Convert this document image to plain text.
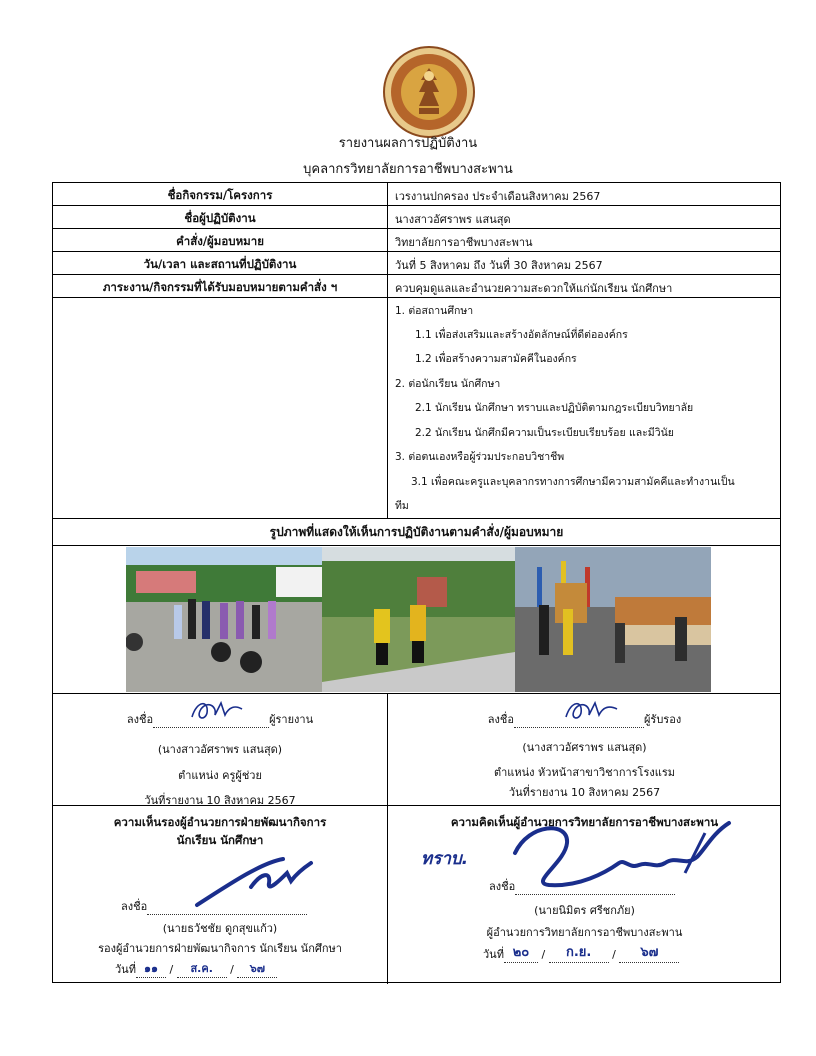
รายงานผลการปฏิบัติงาน
บุคลากรวิทยาลัยการอาชีพบางสะพาน
ชื่อกิจกรรม/โครงการ	เวรงานปกครอง ประจำเดือนสิงหาคม 2567
ชื่อผู้ปฏิบัติงาน	นางสาวอัศราพร แสนสุด
คำสั่ง/ผู้มอบหมาย	วิทยาลัยการอาชีพบางสะพาน
วัน/เวลา และสถานที่ปฏิบัติงาน	วันที่ 5 สิงหาคม ถึง วันที่ 30 สิงหาคม 2567
ภาระงาน/กิจกรรมที่ได้รับมอบหมายตามคำสั่ง ฯ	ควบคุมดูแลและอำนวยความสะดวกให้แก่นักเรียน นักศึกษา
1. ต่อสถานศึกษา
1.1 เพื่อส่งเสริมและสร้างอัตลักษณ์ที่ดีต่อองค์กร
1.2 เพื่อสร้างความสามัคคีในองค์กร
2. ต่อนักเรียน นักศึกษา
2.1 นักเรียน นักศึกษา ทราบและปฏิบัติตามกฎระเบียบวิทยาลัย
2.2 นักเรียน นักศึกมีความเป็นระเบียบเรียบร้อย และมีวินัย
3. ต่อตนเองหรือผู้ร่วมประกอบวิชาชีพ
3.1 เพื่อคณะครูและบุคลากรทางการศึกษามีความสามัคคีและทำงานเป็น
ทีม
รูปภาพที่แสดงให้เห็นการปฏิบัติงานตามคำสั่ง/ผู้มอบหมาย
ลงชื่อ	ผู้รายงาน
(นางสาวอัศราพร แสนสุด)
ตำแหน่ง ครูผู้ช่วย
วันที่รายงาน 10 สิงหาคม 2567
ลงชื่อ	ผู้รับรอง
(นางสาวอัศราพร แสนสุด)
ตำแหน่ง หัวหน้าสาขาวิชาการโรงแรม
วันที่รายงาน 10 สิงหาคม 2567
ความเห็นรองผู้อำนวยการฝ่ายพัฒนากิจการ
นักเรียน นักศึกษา
ลงชื่อ
(นายธวัชชัย ดูกสุขแก้ว)
รองผู้อำนวยการฝ่ายพัฒนากิจการ นักเรียน นักศึกษา
วันที่ ๑๑ / ส.ค. / ๖๗
ความคิดเห็นผู้อำนวยการวิทยาลัยการอาชีพบางสะพาน
ทราบ.
ลงชื่อ
(นายนิมิตร ศรีชกภัย)
ผู้อำนวยการวิทยาลัยการอาชีพบางสะพาน
วันที่ ๒๐ / ก.ย. / ๖๗
